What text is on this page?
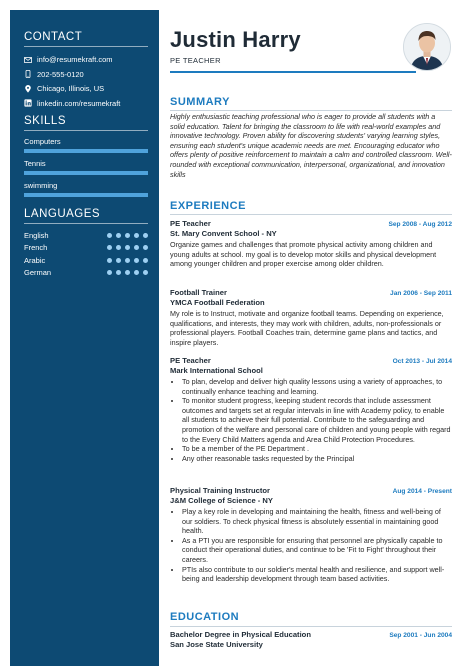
CONTACT
info@resumekraft.com
202-555-0120
Chicago, Illinois, US
linkedin.com/resumekraft
SKILLS
Computers
Tennis
swimming
LANGUAGES
English
French
Arabic
German
Justin Harry
PE TEACHER
SUMMARY
Highly enthusiastic teaching professional who is eager to provide all students with a solid education. Talent for bringing the classroom to life with real-world examples and innovative technology. Proven ability for discovering students' varying learning styles, ensuring each student's unique academic needs are met. Encouraging educator who offers plenty of positive reinforcement to maintain a calm and controlled classroom. Well-rounded with exceptional communication, interpersonal, organizational, and innovation skills
EXPERIENCE
PE Teacher	Sep 2008 - Aug 2012
St. Mary Convent School - NY
Organize games and challenges that promote physical activity among children and young adults at school. my goal is to develop motor skills and physical development among younger children and proper exercise among older children.
Football Trainer	Jan 2006 - Sep 2011
YMCA Football Federation
My role is to Instruct, motivate and organize football teams. Depending on experience, qualifications, and interests, they may work with children, adults, non-professionals or professional players. Football Coaches train, determine game plans and tactics, and inspire players.
PE Teacher	Oct 2013 - Jul 2014
Mark International School
• To plan, develop and deliver high quality lessons using a variety of approaches, to continually enhance teaching and learning.
• To monitor student progress, keeping student records that include assessment outcomes and targets set at regular intervals in line with Academy policy, to enable all students to achieve their full potential. Contribute to the safeguarding and promotion of the welfare and personal care of children and young people with regard to the Every Child Matters agenda and Area Child Protection Procedures.
• To be a member of the PE Department .
• Any other reasonable tasks requested by the Principal
Physical Training Instructor	Aug 2014 - Present
J&M College of Science - NY
• Play a key role in developing and maintaining the health, fitness and well-being of our soldiers. To check physical fitness is absolutely essential in maintaining good health.
• As a PTI you are responsible for ensuring that personnel are physically capable to conduct their operational duties, and continue to be 'Fit to Fight' throughout their careers.
• PTIs also contribute to our soldier's mental health and resilience, and support well-being and leadership development through team based activities.
EDUCATION
Bachelor Degree in Physical Education	Sep 2001 - Jun 2004
San Jose State University
